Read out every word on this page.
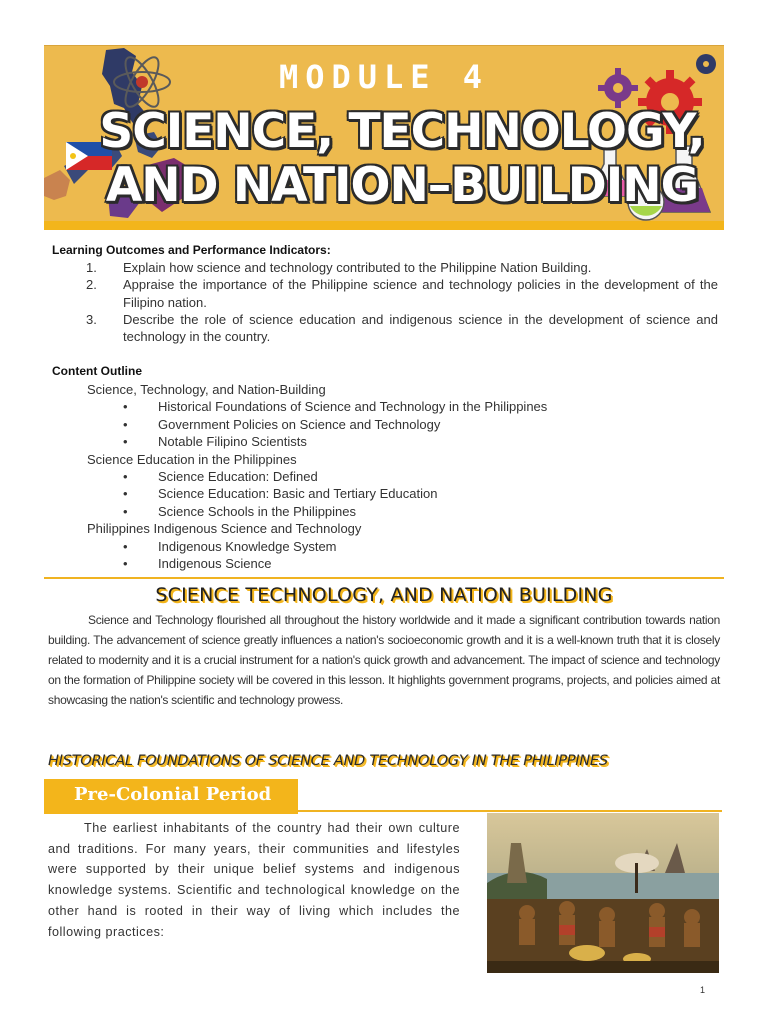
MODULE 4
SCIENCE, TECHNOLOGY,
AND NATION–BUILDING
Learning Outcomes and Performance Indicators:
1. Explain how science and technology contributed to the Philippine Nation Building.
2. Appraise the importance of the Philippine science and technology policies in the development of the Filipino nation.
3. Describe the role of science education and indigenous science in the development of science and technology in the country.
Content Outline
Science, Technology, and Nation-Building
• Historical Foundations of Science and Technology in the Philippines
• Government Policies on Science and Technology
• Notable Filipino Scientists
Science Education in the Philippines
• Science Education: Defined
• Science Education: Basic and Tertiary Education
• Science Schools in the Philippines
Philippines Indigenous Science and Technology
• Indigenous Knowledge System
• Indigenous Science
SCIENCE TECHNOLOGY, AND NATION BUILDING
Science and Technology flourished all throughout the history worldwide and it made a significant contribution towards nation building. The advancement of science greatly influences a nation's socioeconomic growth and it is a well-known truth that it is closely related to modernity and it is a crucial instrument for a nation's quick growth and advancement. The impact of science and technology on the formation of Philippine society will be covered in this lesson. It highlights government programs, projects, and policies aimed at showcasing the nation's scientific and technology prowess.
HISTORICAL FOUNDATIONS OF SCIENCE AND TECHNOLOGY IN THE PHILIPPINES
Pre-Colonial Period
The earliest inhabitants of the country had their own culture and traditions. For many years, their communities and lifestyles were supported by their unique belief systems and indigenous knowledge systems. Scientific and technological knowledge on the other hand is rooted in their way of living which includes the following practices:
1
